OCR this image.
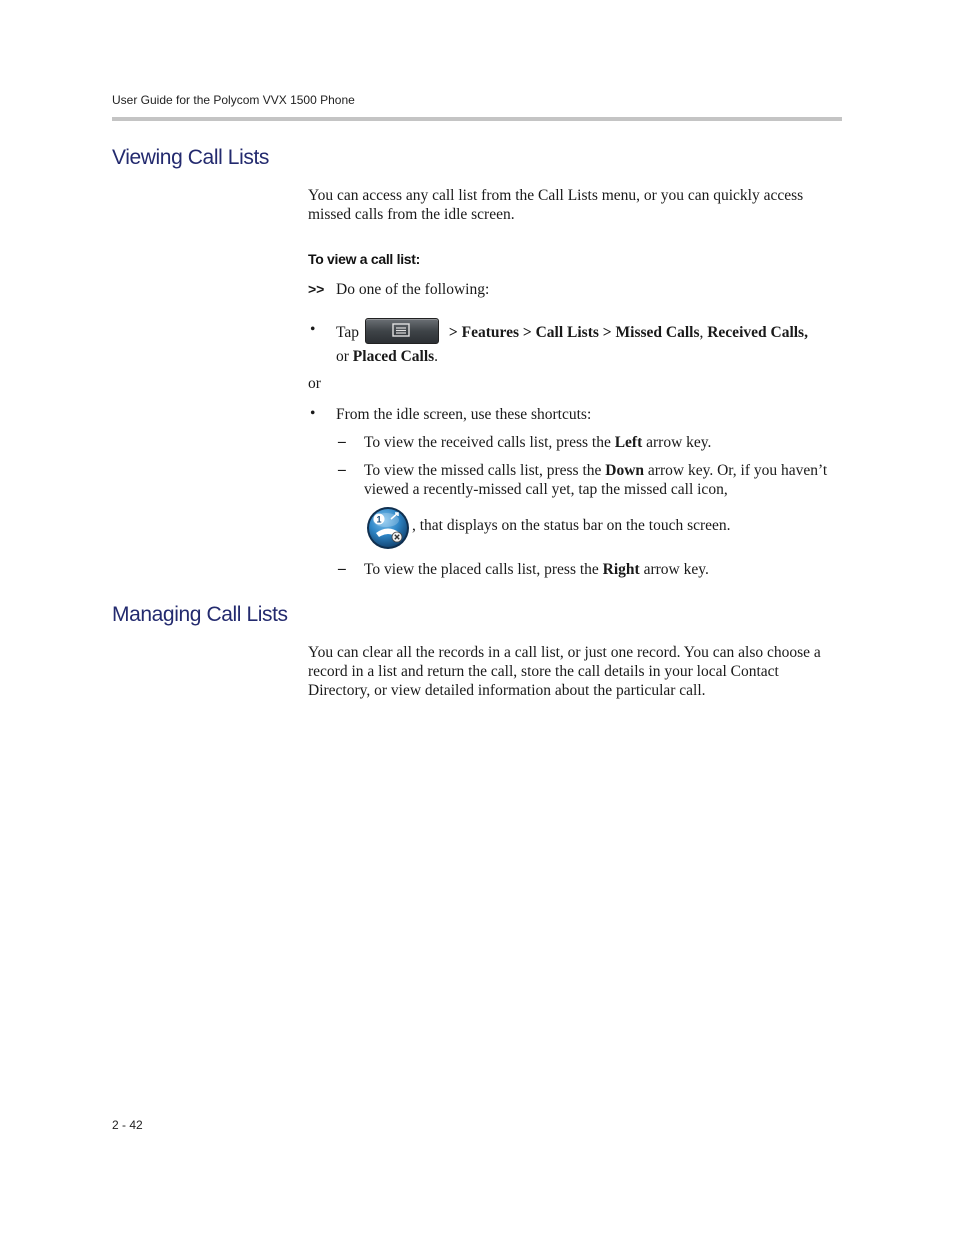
User Guide for the Polycom VVX 1500 Phone
Viewing Call Lists

You can access any call list from the Call Lists menu, or you can quickly access missed calls from the idle screen.

To view a call list:
>> Do one of the following:
• Tap	> Features > Call Lists > Missed Calls, Received Calls,
or Placed Calls.
or
• From the idle screen, use these shortcuts:
– To view the received calls list, press the Left arrow key.
– To view the missed calls list, press the Down arrow key. Or, if you haven’t viewed a recently-missed call yet, tap the missed call icon,
1 , that displays on the status bar on the touch screen.
– To view the placed calls list, press the Right arrow key.
Managing Call Lists

You can clear all the records in a call list, or just one record. You can also choose a record in a list and return the call, store the call details in your local Contact Directory, or view detailed information about the particular call.

2 - 42
